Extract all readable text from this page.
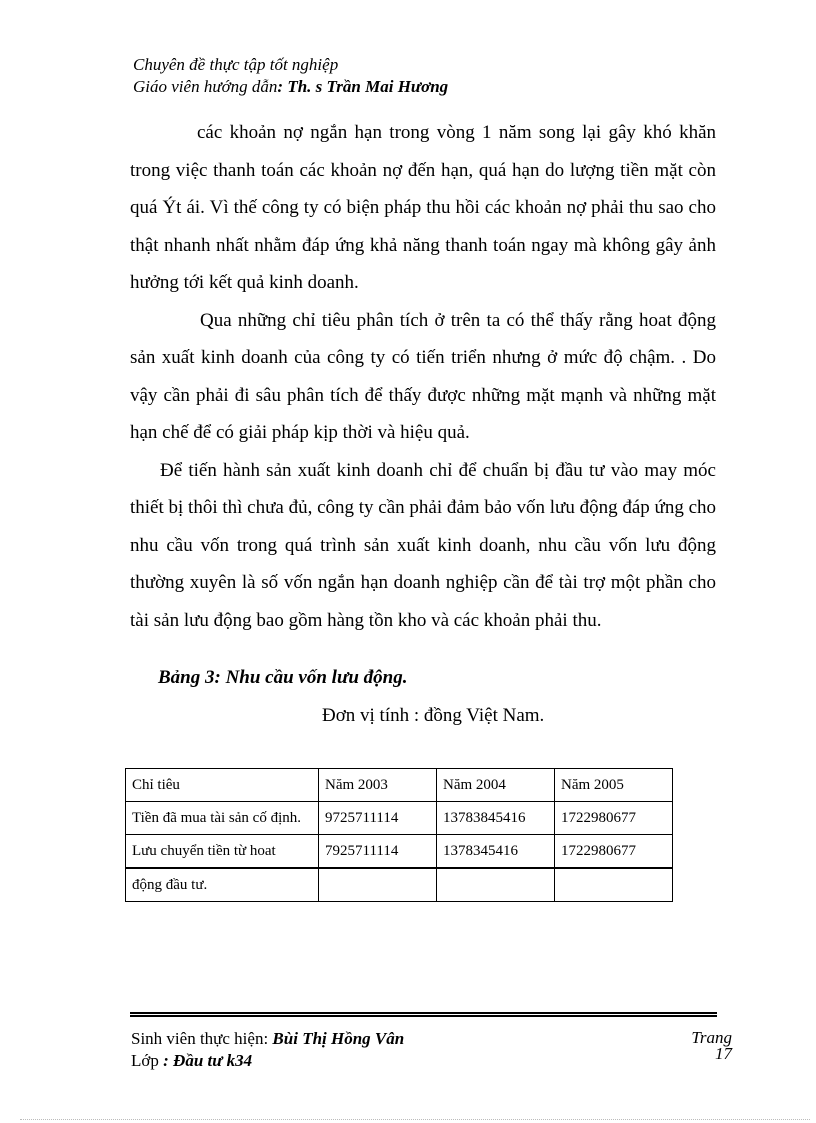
Chuyên đề thực tập tốt nghiệp
Giáo viên hướng dẫn: Th. s Trần Mai Hương

các khoản nợ ngắn hạn trong vòng 1 năm song lại gây khó khăn trong việc thanh toán các khoản nợ đến hạn, quá hạn do lượng tiền mặt còn quá Ýt ái. Vì thế công ty có biện pháp thu hồi các khoản nợ phải thu sao cho thật nhanh nhất nhằm đáp ứng khả năng thanh toán ngay mà không gây ảnh hưởng tới kết quả kinh doanh.

Qua những chỉ tiêu phân tích ở trên ta có thể thấy rằng hoat động sản xuất kinh doanh của công ty có tiến triển nhưng ở mức độ chậm. . Do vậy cần phải đi sâu phân tích để thấy được những mặt mạnh và những mặt hạn chế để có giải pháp kịp thời và hiệu quả.

Để tiến hành sản xuất kinh doanh chỉ để chuẩn bị đầu tư vào may móc thiết bị thôi thì chưa đủ, công ty cần phải đảm bảo vốn lưu động đáp ứng cho nhu cầu vốn trong quá trình sản xuất kinh doanh, nhu cầu vốn lưu động thường xuyên là số vốn ngắn hạn doanh nghiệp cần để tài trợ một phần cho tài sản lưu động bao gồm hàng tồn kho và các khoản phải thu.

Bảng 3: Nhu cầu vốn lưu động.
Đơn vị tính : đồng Việt Nam.
Chỉ tiêu	Năm 2003	Năm 2004	Năm 2005
Tiền đã mua tài sản cố định.	9725711114	13783845416	1722980677
Lưu chuyển tiền từ hoat	7925711114	1378345416	1722980677
động đầu tư.			
Sinh viên thực hiện: Bùi Thị Hồng Vân
Lớp : Đầu tư k34
Trang
17
